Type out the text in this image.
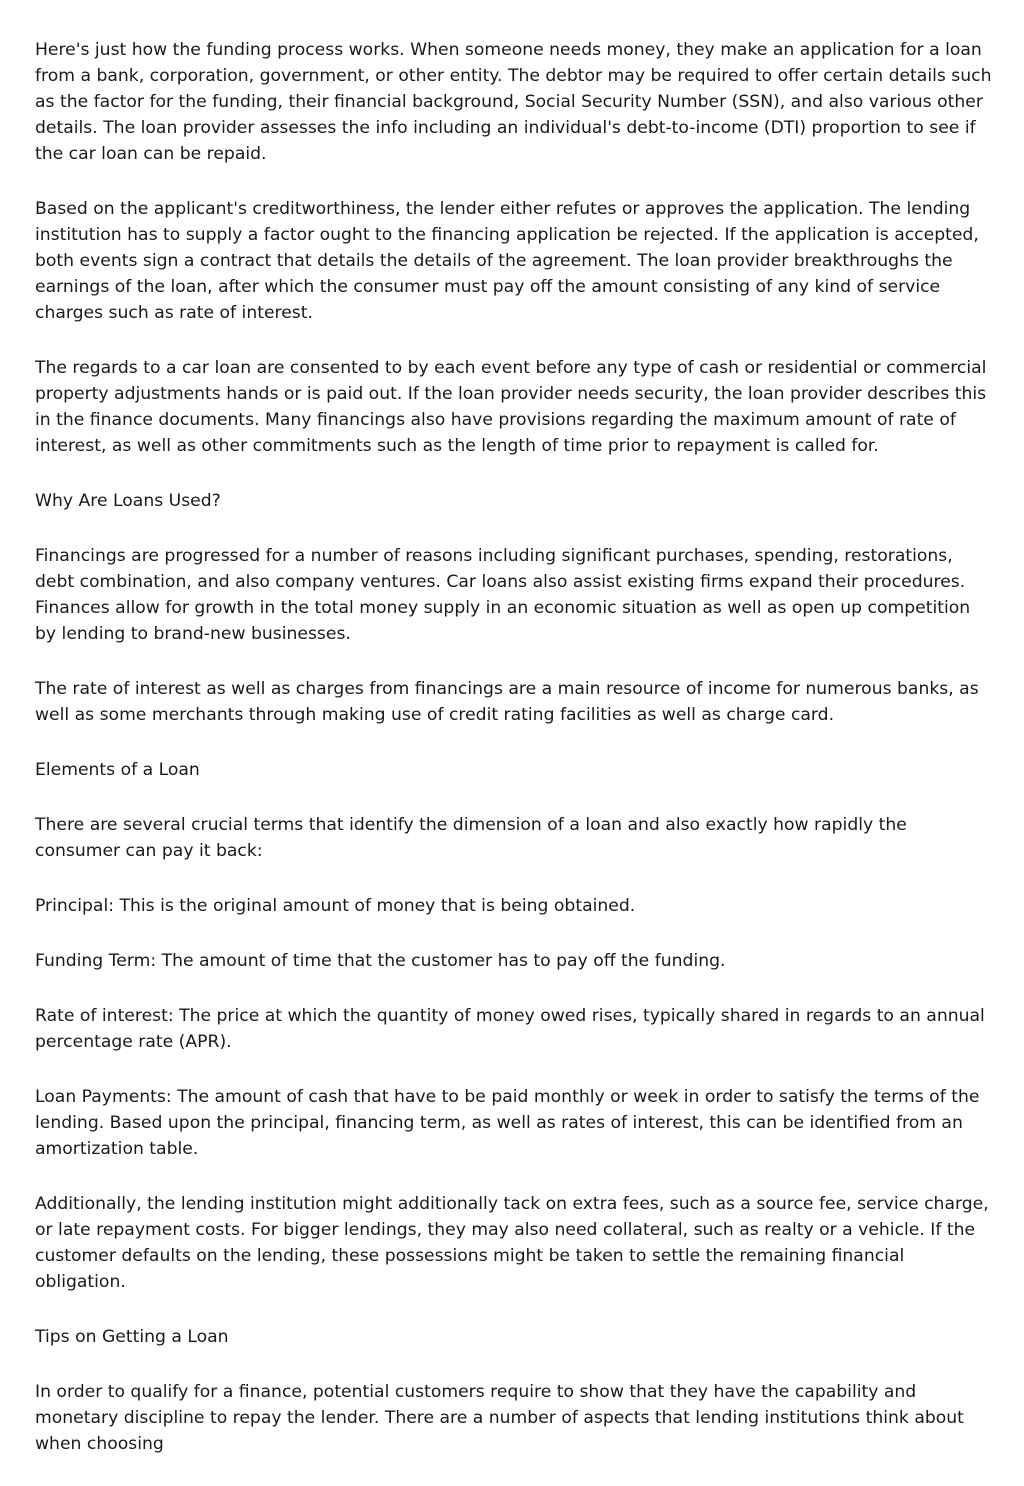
Here's just how the funding process works. When someone needs money, they make an application for a loan from a bank, corporation, government, or other entity. The debtor may be required to offer certain details such as the factor for the funding, their financial background, Social Security Number (SSN), and also various other details. The loan provider assesses the info including an individual's debt-to-income (DTI) proportion to see if the car loan can be repaid.

Based on the applicant's creditworthiness, the lender either refutes or approves the application. The lending institution has to supply a factor ought to the financing application be rejected. If the application is accepted, both events sign a contract that details the details of the agreement. The loan provider breakthroughs the earnings of the loan, after which the consumer must pay off the amount consisting of any kind of service charges such as rate of interest.

The regards to a car loan are consented to by each event before any type of cash or residential or commercial property adjustments hands or is paid out. If the loan provider needs security, the loan provider describes this in the finance documents. Many financings also have provisions regarding the maximum amount of rate of interest, as well as other commitments such as the length of time prior to repayment is called for.

Why Are Loans Used?

Financings are progressed for a number of reasons including significant purchases, spending, restorations, debt combination, and also company ventures. Car loans also assist existing firms expand their procedures. Finances allow for growth in the total money supply in an economic situation as well as open up competition by lending to brand-new businesses.

The rate of interest as well as charges from financings are a main resource of income for numerous banks, as well as some merchants through making use of credit rating facilities as well as charge card.

Elements of a Loan

There are several crucial terms that identify the dimension of a loan and also exactly how rapidly the consumer can pay it back:

Principal: This is the original amount of money that is being obtained.

Funding Term: The amount of time that the customer has to pay off the funding.

Rate of interest: The price at which the quantity of money owed rises, typically shared in regards to an annual percentage rate (APR).

Loan Payments: The amount of cash that have to be paid monthly or week in order to satisfy the terms of the lending. Based upon the principal, financing term, as well as rates of interest, this can be identified from an amortization table.

Additionally, the lending institution might additionally tack on extra fees, such as a source fee, service charge, or late repayment costs. For bigger lendings, they may also need collateral, such as realty or a vehicle. If the customer defaults on the lending, these possessions might be taken to settle the remaining financial obligation.

Tips on Getting a Loan

In order to qualify for a finance, potential customers require to show that they have the capability and monetary discipline to repay the lender. There are a number of aspects that lending institutions think about when choosing
